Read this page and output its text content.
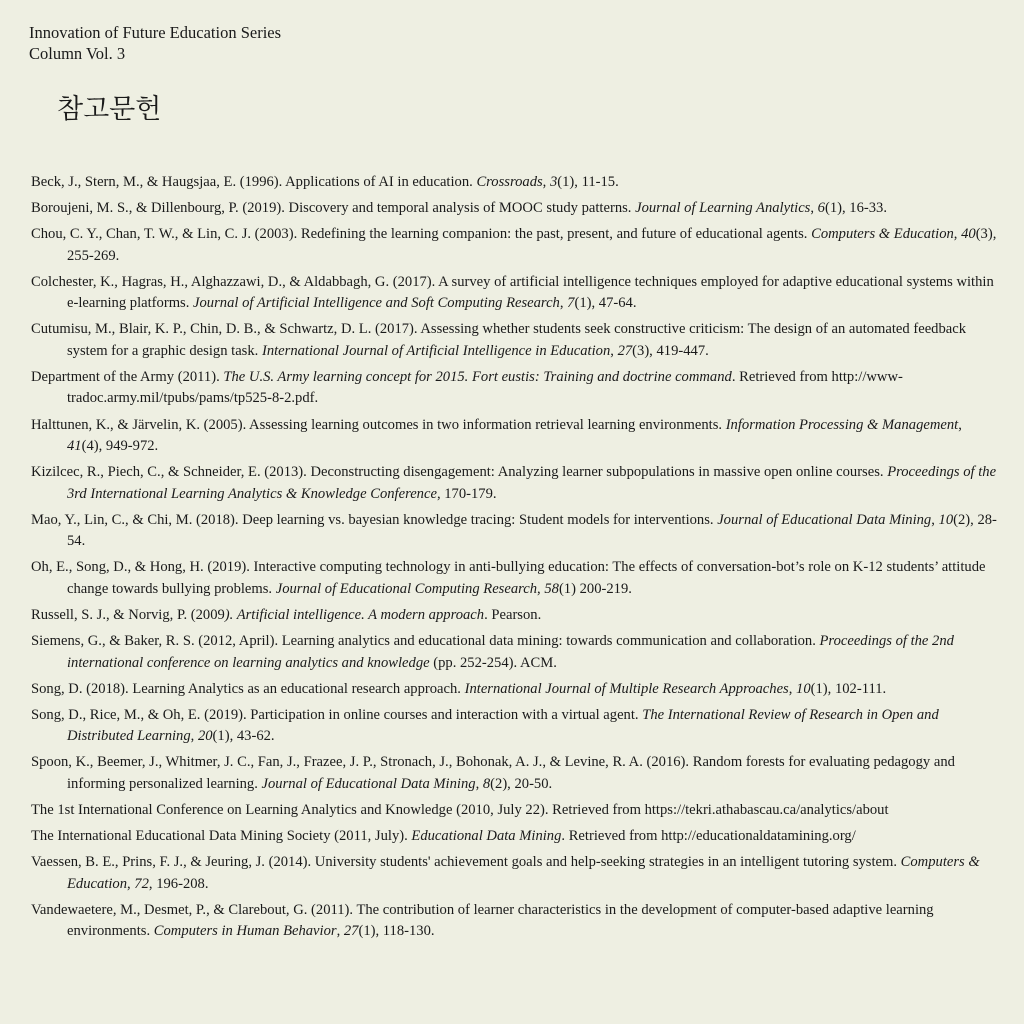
Innovation of Future Education Series
Column Vol. 3
참고문헌
Beck, J., Stern, M., & Haugsjaa, E. (1996). Applications of AI in education. Crossroads, 3(1), 11-15.
Boroujeni, M. S., & Dillenbourg, P. (2019). Discovery and temporal analysis of MOOC study patterns. Journal of Learning Analytics, 6(1), 16-33.
Chou, C. Y., Chan, T. W., & Lin, C. J. (2003). Redefining the learning companion: the past, present, and future of educational agents. Computers & Education, 40(3), 255-269.
Colchester, K., Hagras, H., Alghazzawi, D., & Aldabbagh, G. (2017). A survey of artificial intelligence techniques employed for adaptive educational systems within e-learning platforms. Journal of Artificial Intelligence and Soft Computing Research, 7(1), 47-64.
Cutumisu, M., Blair, K. P., Chin, D. B., & Schwartz, D. L. (2017). Assessing whether students seek constructive criticism: The design of an automated feedback system for a graphic design task. International Journal of Artificial Intelligence in Education, 27(3), 419-447.
Department of the Army (2011). The U.S. Army learning concept for 2015. Fort eustis: Training and doctrine command. Retrieved from http://www-tradoc.army.mil/tpubs/pams/tp525-8-2.pdf.
Halttunen, K., & Järvelin, K. (2005). Assessing learning outcomes in two information retrieval learning environments. Information Processing & Management, 41(4), 949-972.
Kizilcec, R., Piech, C., & Schneider, E. (2013). Deconstructing disengagement: Analyzing learner subpopulations in massive open online courses. Proceedings of the 3rd International Learning Analytics & Knowledge Conference, 170-179.
Mao, Y., Lin, C., & Chi, M. (2018). Deep learning vs. bayesian knowledge tracing: Student models for interventions. Journal of Educational Data Mining, 10(2), 28-54.
Oh, E., Song, D., & Hong, H. (2019). Interactive computing technology in anti-bullying education: The effects of conversation-bot’s role on K-12 students’ attitude change towards bullying problems. Journal of Educational Computing Research, 58(1) 200-219.
Russell, S. J., & Norvig, P. (2009). Artificial intelligence. A modern approach. Pearson.
Siemens, G., & Baker, R. S. (2012, April). Learning analytics and educational data mining: towards communication and collaboration. Proceedings of the 2nd international conference on learning analytics and knowledge (pp. 252-254). ACM.
Song, D. (2018). Learning Analytics as an educational research approach. International Journal of Multiple Research Approaches, 10(1), 102-111.
Song, D., Rice, M., & Oh, E. (2019). Participation in online courses and interaction with a virtual agent. The International Review of Research in Open and Distributed Learning, 20(1), 43-62.
Spoon, K., Beemer, J., Whitmer, J. C., Fan, J., Frazee, J. P., Stronach, J., Bohonak, A. J., & Levine, R. A. (2016). Random forests for evaluating pedagogy and informing personalized learning. Journal of Educational Data Mining, 8(2), 20-50.
The 1st International Conference on Learning Analytics and Knowledge (2010, July 22). Retrieved from https://tekri.athabascau.ca/analytics/about
The International Educational Data Mining Society (2011, July). Educational Data Mining. Retrieved from http://educationaldatamining.org/
Vaessen, B. E., Prins, F. J., & Jeuring, J. (2014). University students' achievement goals and help-seeking strategies in an intelligent tutoring system. Computers & Education, 72, 196-208.
Vandewaetere, M., Desmet, P., & Clarebout, G. (2011). The contribution of learner characteristics in the development of computer-based adaptive learning environments. Computers in Human Behavior, 27(1), 118-130.
